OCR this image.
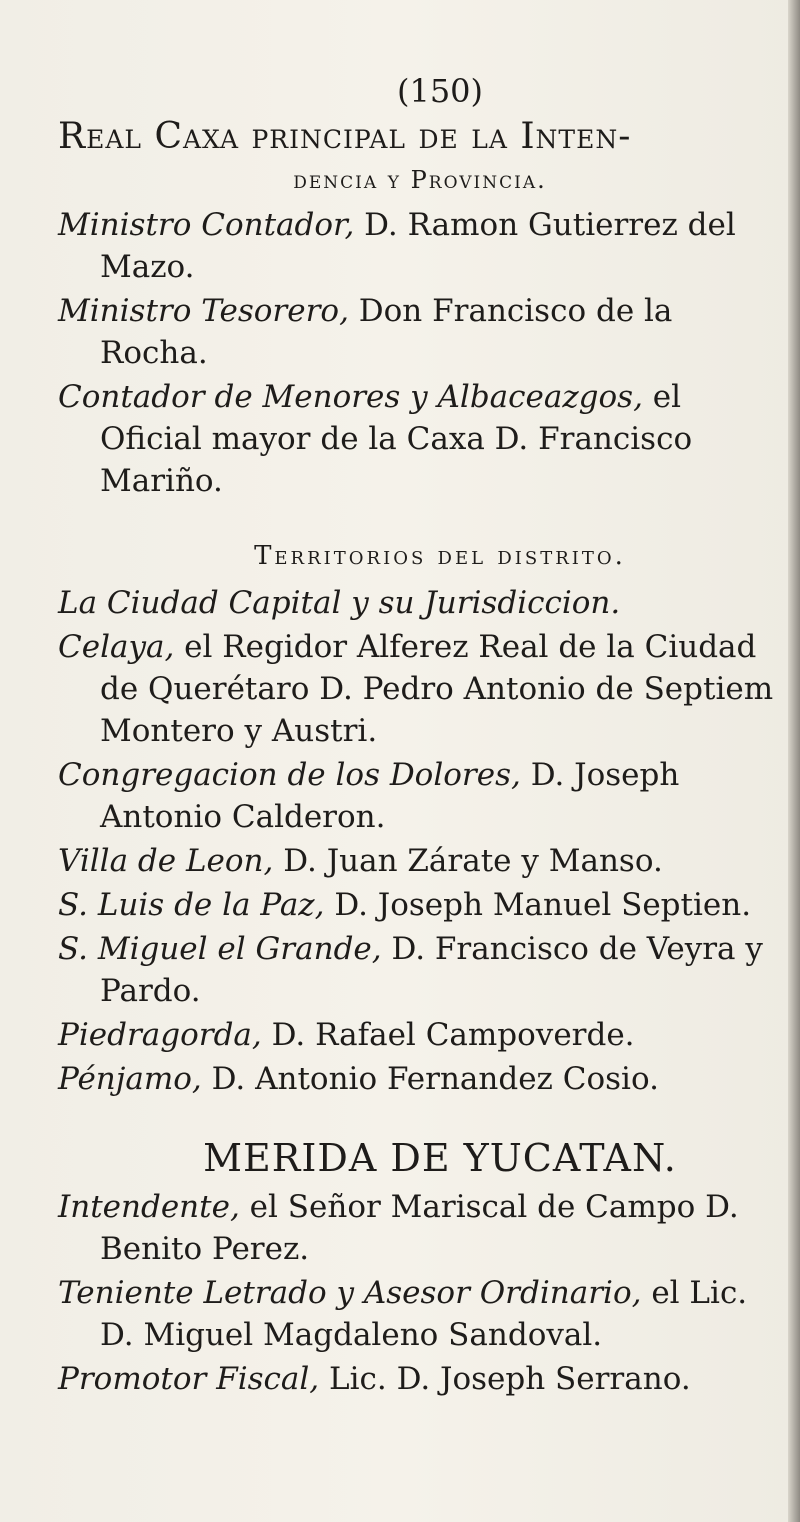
(150)
Real Caxa principal de la Inten-
dencia y Provincia.

Ministro Contador, D. Ramon Gutierrez del Mazo.

Ministro Tesorero, Don Francisco de la Rocha.

Contador de Menores y Albaceazgos, el Oficial mayor de la Caxa D. Francisco Mariño.

Territorios del distrito.

La Ciudad Capital y su Jurisdiccion.

Celaya, el Regidor Alferez Real de la Ciudad de Querétaro D. Pedro Antonio de Septiem Montero y Austri.

Congregacion de los Dolores, D. Joseph Antonio Calderon.

Villa de Leon, D. Juan Zárate y Manso.

S. Luis de la Paz, D. Joseph Manuel Septien.

S. Miguel el Grande, D. Francisco de Veyra y Pardo.

Piedragorda, D. Rafael Campoverde.

Pénjamo, D. Antonio Fernandez Cosio.

MERIDA DE YUCATAN.

Intendente, el Señor Mariscal de Campo D. Benito Perez.

Teniente Letrado y Asesor Ordinario, el Lic. D. Miguel Magdaleno Sandoval.

Promotor Fiscal, Lic. D. Joseph Serrano.
